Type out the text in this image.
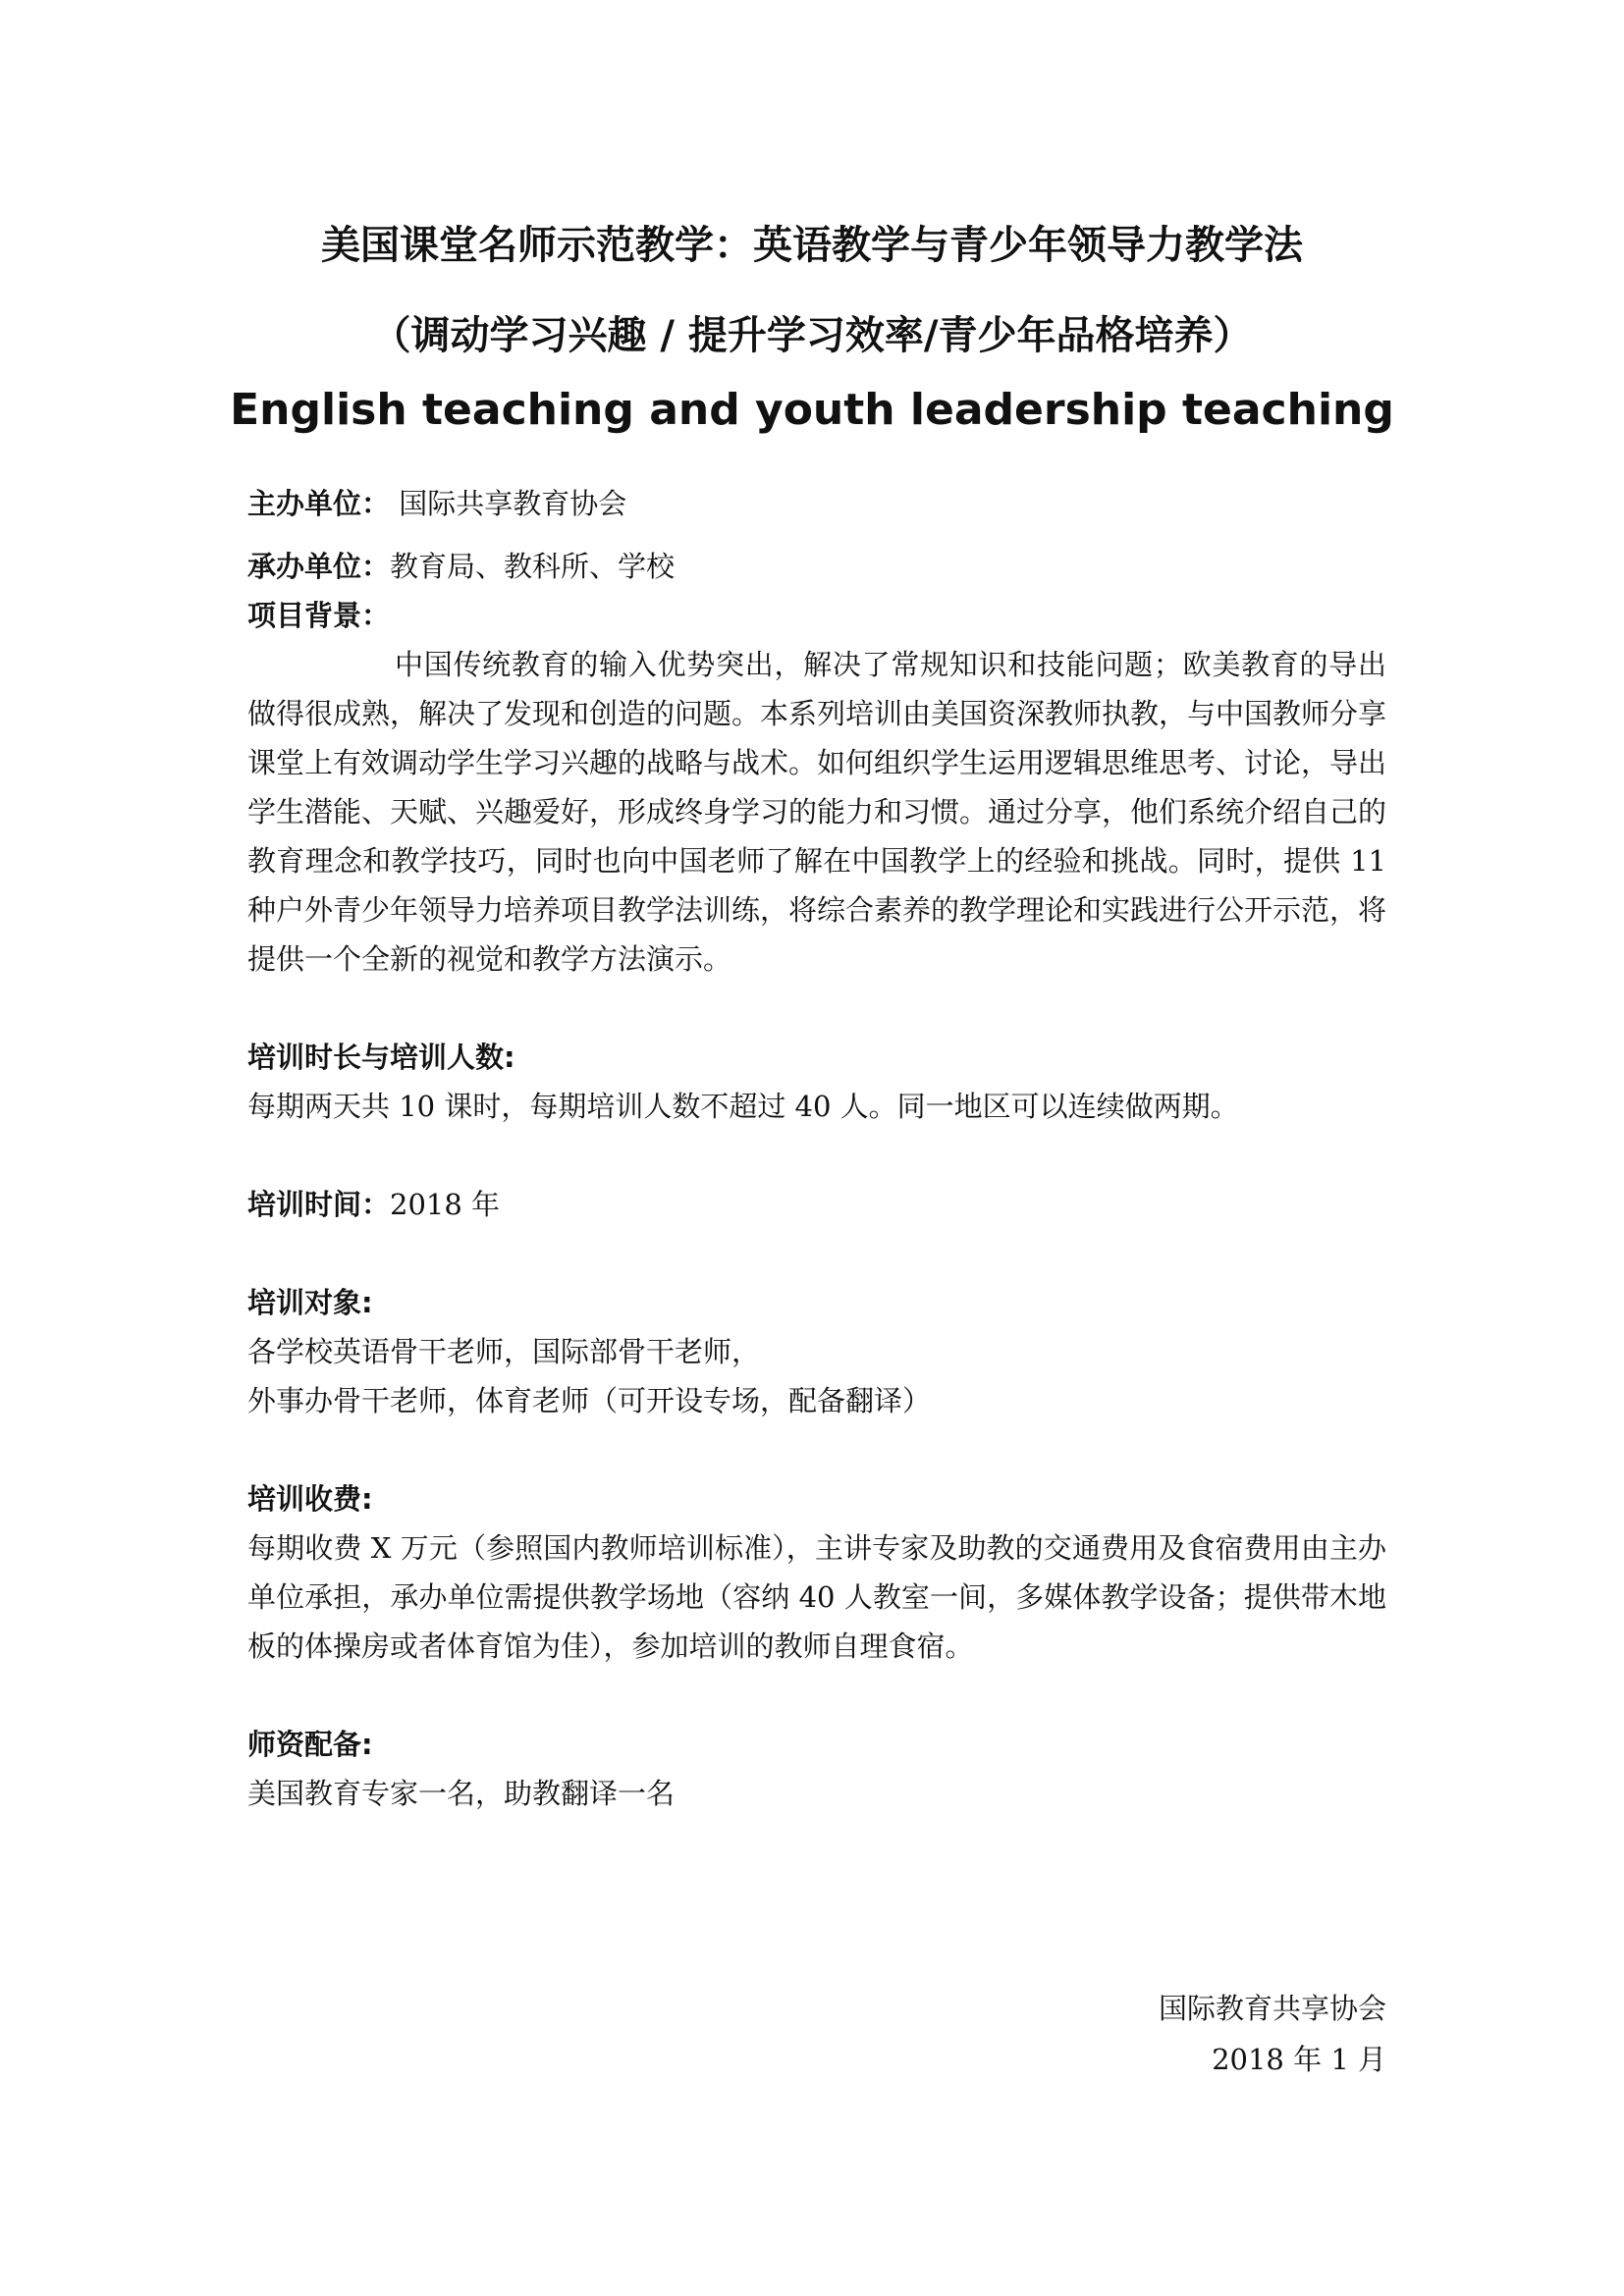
美国课堂名师示范教学：英语教学与青少年领导力教学法
（调动学习兴趣 / 提升学习效率/青少年品格培养）
English teaching and youth leadership teaching

主办单位： 国际共享教育协会

承办单位：教育局、教科所、学校

项目背景：

中国传统教育的输入优势突出，解决了常规知识和技能问题；欧美教育的导出做得很成熟，解决了发现和创造的问题。本系列培训由美国资深教师执教，与中国教师分享课堂上有效调动学生学习兴趣的战略与战术。如何组织学生运用逻辑思维思考、讨论，导出学生潜能、天赋、兴趣爱好，形成终身学习的能力和习惯。通过分享，他们系统介绍自己的教育理念和教学技巧，同时也向中国老师了解在中国教学上的经验和挑战。同时，提供 11 种户外青少年领导力培养项目教学法训练，将综合素养的教学理论和实践进行公开示范，将提供一个全新的视觉和教学方法演示。

培训时长与培训人数:

每期两天共 10 课时，每期培训人数不超过 40 人。同一地区可以连续做两期。

培训时间：2018 年

培训对象:

各学校英语骨干老师，国际部骨干老师，

外事办骨干老师，体育老师（可开设专场，配备翻译）

培训收费:

每期收费 X 万元（参照国内教师培训标准），主讲专家及助教的交通费用及食宿费用由主办单位承担，承办单位需提供教学场地（容纳 40 人教室一间，多媒体教学设备；提供带木地板的体操房或者体育馆为佳），参加培训的教师自理食宿。

师资配备:

美国教育专家一名，助教翻译一名

国际教育共享协会
2018 年 1 月
